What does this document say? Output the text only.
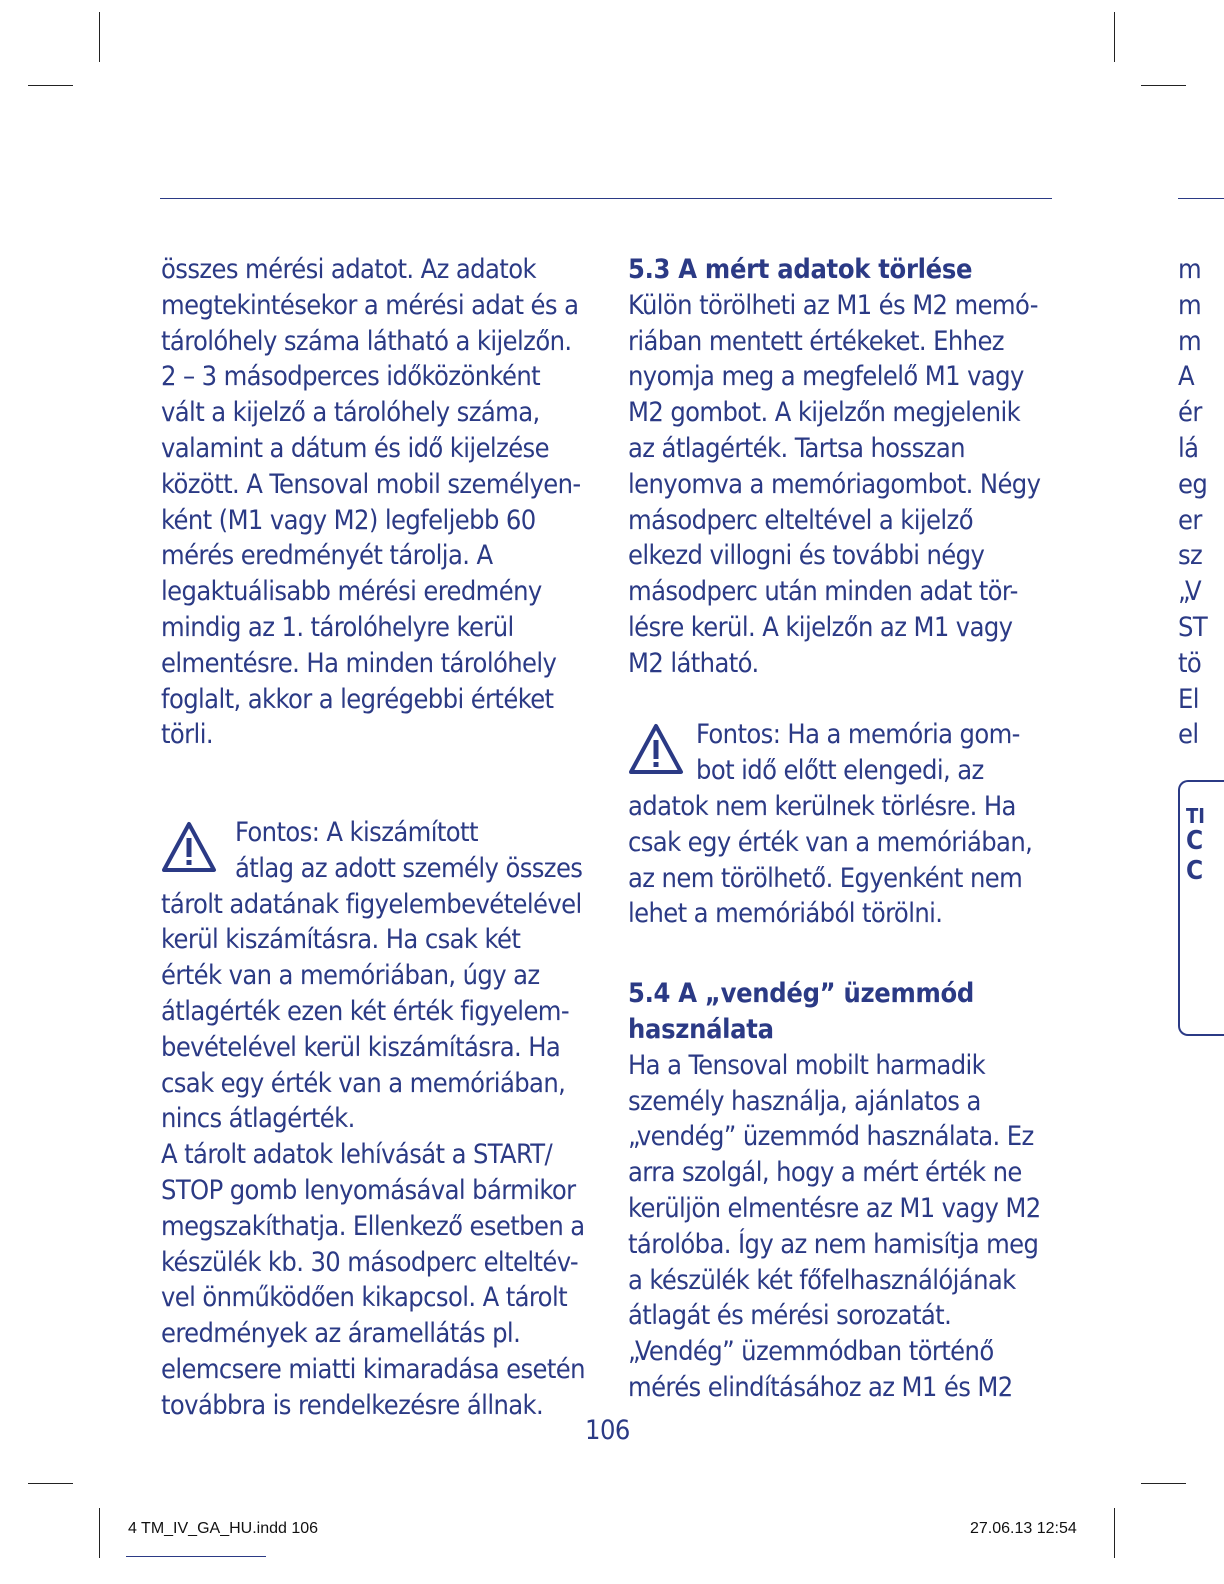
összes mérési adatot. Az adatok
megtekintésekor a mérési adat és a
tárolóhely száma látható a kijelzőn.
2 – 3 másodperces időközönként
vált a kijelző a tárolóhely száma,
valamint a dátum és idő kijelzése
között. A Tensoval mobil személyen-
ként (M1 vagy M2) legfeljebb 60
mérés eredményét tárolja. A
legaktuálisabb mérési eredmény
mindig az 1. tárolóhelyre kerül
elmentésre. Ha minden tárolóhely
foglalt, akkor a legrégebbi értéket
törli.
Fontos: A kiszámított
átlag az adott személy összes
tárolt adatának figyelembevételével
kerül kiszámításra. Ha csak két
érték van a memóriában, úgy az
átlagérték ezen két érték figyelem-
bevételével kerül kiszámításra. Ha
csak egy érték van a memóriában,
nincs átlagérték.
A tárolt adatok lehívását a START/
STOP gomb lenyomásával bármikor
megszakíthatja. Ellenkező esetben a
készülék kb. 30 másodperc elteltév-
vel önműködően kikapcsol. A tárolt
eredmények az áramellátás pl.
elemcsere miatti kimaradása esetén
továbbra is rendelkezésre állnak.
5.3 A mért adatok törlése
Külön törölheti az M1 és M2 memó-
riában mentett értékeket. Ehhez
nyomja meg a megfelelő M1 vagy
M2 gombot. A kijelzőn megjelenik
az átlagérték. Tartsa hosszan
lenyomva a memóriagombot. Négy
másodperc elteltével a kijelző
elkezd villogni és további négy
másodperc után minden adat tör-
lésre kerül. A kijelzőn az M1 vagy
M2 látható.
Fontos: Ha a memória gom-
bot idő előtt elengedi, az
adatok nem kerülnek törlésre. Ha
csak egy érték van a memóriában,
az nem törölhető. Egyenként nem
lehet a memóriából törölni.
5.4 A „vendég” üzemmód
használata
Ha a Tensoval mobilt harmadik
személy használja, ajánlatos a
„vendég” üzemmód használata. Ez
arra szolgál, hogy a mért érték ne
kerüljön elmentésre az M1 vagy M2
tárolóba. Így az nem hamisítja meg
a készülék két főfelhasználójának
átlagát és mérési sorozatát.
„Vendég” üzemmódban történő
mérés elindításához az M1 és M2
m
m
m
A
ér
lá
eg
er
sz
„V
ST
tö
El
el
TI
C
C
106
4 TM_IV_GA_HU.indd 106	27.06.13 12:54
